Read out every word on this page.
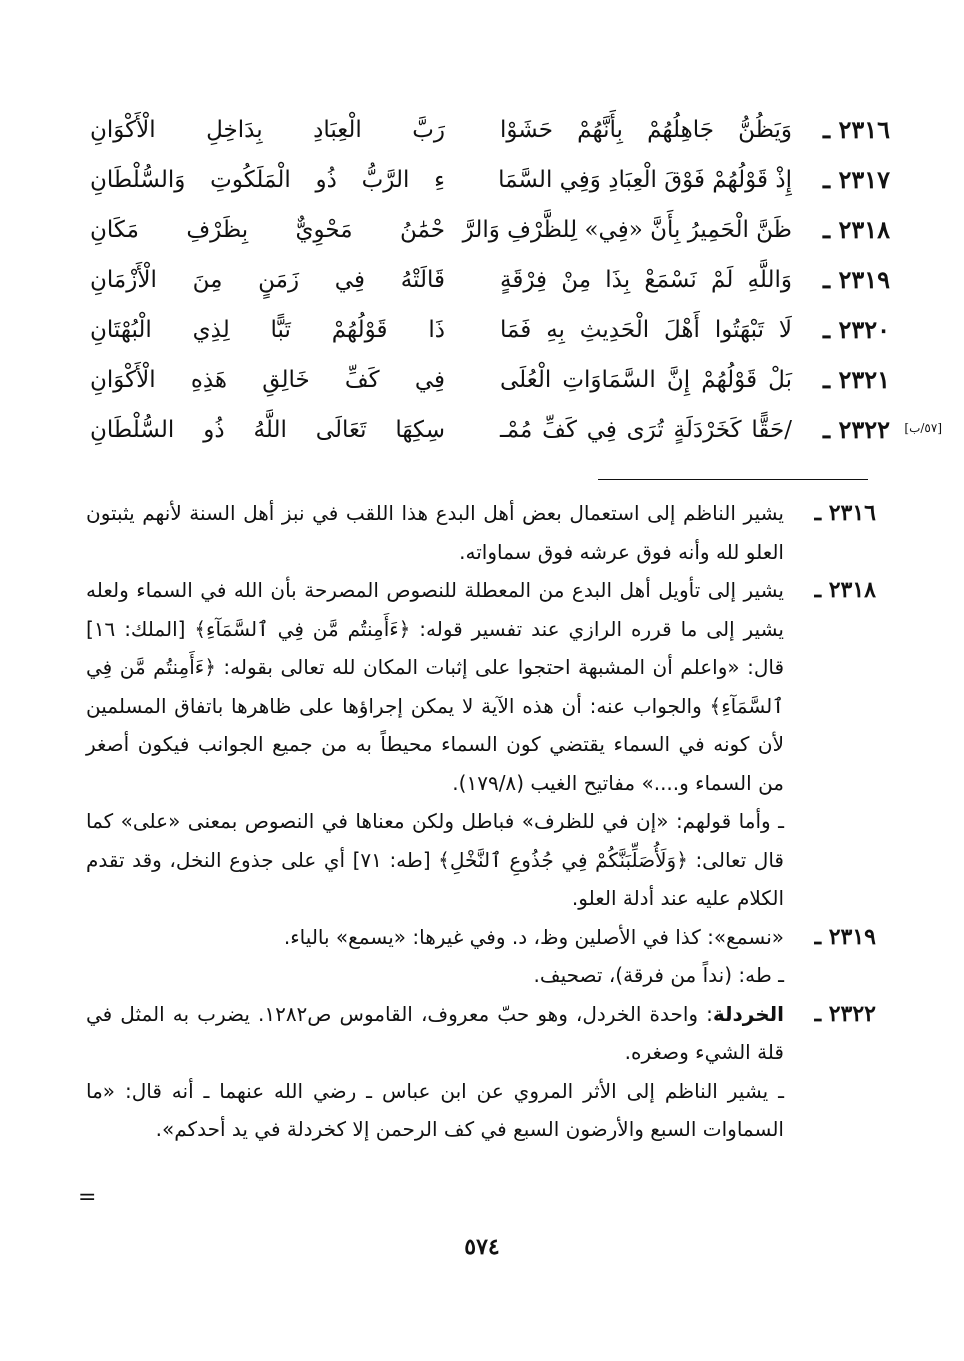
٢٣١٦ ـ
وَيَظُنُّ جَاهِلُهُمْ بِأَنَّهُمْ حَشَوْا
رَبَّ الْعِبَادِ بِدَاخِلِ الْأَكْوَانِ
٢٣١٧ ـ
إِذْ قَوْلُهُمْ فَوْقَ الْعِبَادِ وَفِي السَّمَا
ءِ الرَّبُّ ذُو الْمَلَكُوتِ وَالسُّلْطَانِ
٢٣١٨ ـ
ظَنَّ الْحَمِيرُ بِأَنَّ «فِي» لِلظَّرْفِ وَالرَّ
حْمَٰنُ مَحْوِيٌّ بِظَرْفِ مَكَانِ
٢٣١٩ ـ
وَاللَّهِ لَمْ نَسْمَعْ بِذَا مِنْ فِرْقَةٍ
قَالَتْهُ فِي زَمَنٍ مِنَ الْأَزْمَانِ
٢٣٢٠ ـ
لَا تَبْهَتُوا أَهْلَ الْحَدِيثِ بِهِ فَمَا
ذَا قَوْلُهُمْ تَبًّا لِذِي الْبُهْتَانِ
٢٣٢١ ـ
بَلْ قَوْلُهُمْ إِنَّ السَّمَاوَاتِ الْعُلَى
فِي كَفِّ خَالِقِ هَذِهِ الْأَكْوَانِ
[٥٧/ب]
٢٣٢٢ ـ
/حَقًّا كَخَرْدَلَةٍ تُرَى فِي كَفِّ مُمْـ
سِكِهَا تَعَالَى اللَّهُ ذُو السُّلْطَانِ
٢٣١٦ ـ

يشير الناظم إلى استعمال بعض أهل البدع هذا اللقب في نبز أهل السنة لأنهم يثبتون العلو لله وأنه فوق عرشه فوق سماواته.

٢٣١٨ ـ

يشير إلى تأويل أهل البدع من المعطلة للنصوص المصرحة بأن الله في السماء ولعله يشير إلى ما قرره الرازي عند تفسير قوله: ﴿ءَأَمِنتُم مَّن فِي ٱلسَّمَآءِ﴾ [الملك: ١٦] قال: «واعلم أن المشبهة احتجوا على إثبات المكان لله تعالى بقوله: ﴿ءَأَمِنتُم مَّن فِي ٱلسَّمَآءِ﴾ والجواب عنه: أن هذه الآية لا يمكن إجراؤها على ظاهرها باتفاق المسلمين لأن كونه في السماء يقتضي كون السماء محيطاً به من جميع الجوانب فيكون أصغر من السماء و....» مفاتيح الغيب (١٧٩/٨).

ـ وأما قولهم: «إن في للظرف» فباطل ولكن معناها في النصوص بمعنى «على» كما قال تعالى: ﴿وَلَأُصَلِّبَنَّكُمْ فِي جُذُوعِ ٱلنَّخْلِ﴾ [طه: ٧١] أي على جذوع النخل، وقد تقدم الكلام عليه عند أدلة العلو.

٢٣١٩ ـ

«نسمع»: كذا في الأصلين وظ، د. وفي غيرها: «يسمع» بالياء.

ـ طه: (نداً من فرقة)، تصحيف.

٢٣٢٢ ـ

الخردلة: واحدة الخردل، وهو حبّ معروف، القاموس ص١٢٨٢. يضرب به المثل في قلة الشيء وصغره.

ـ يشير الناظم إلى الأثر المروي عن ابن عباس ـ رضي الله عنهما ـ أنه قال: «ما السماوات السبع والأرضون السبع في كف الرحمن إلا كخردلة في يد أحدكم».

=
٥٧٤
